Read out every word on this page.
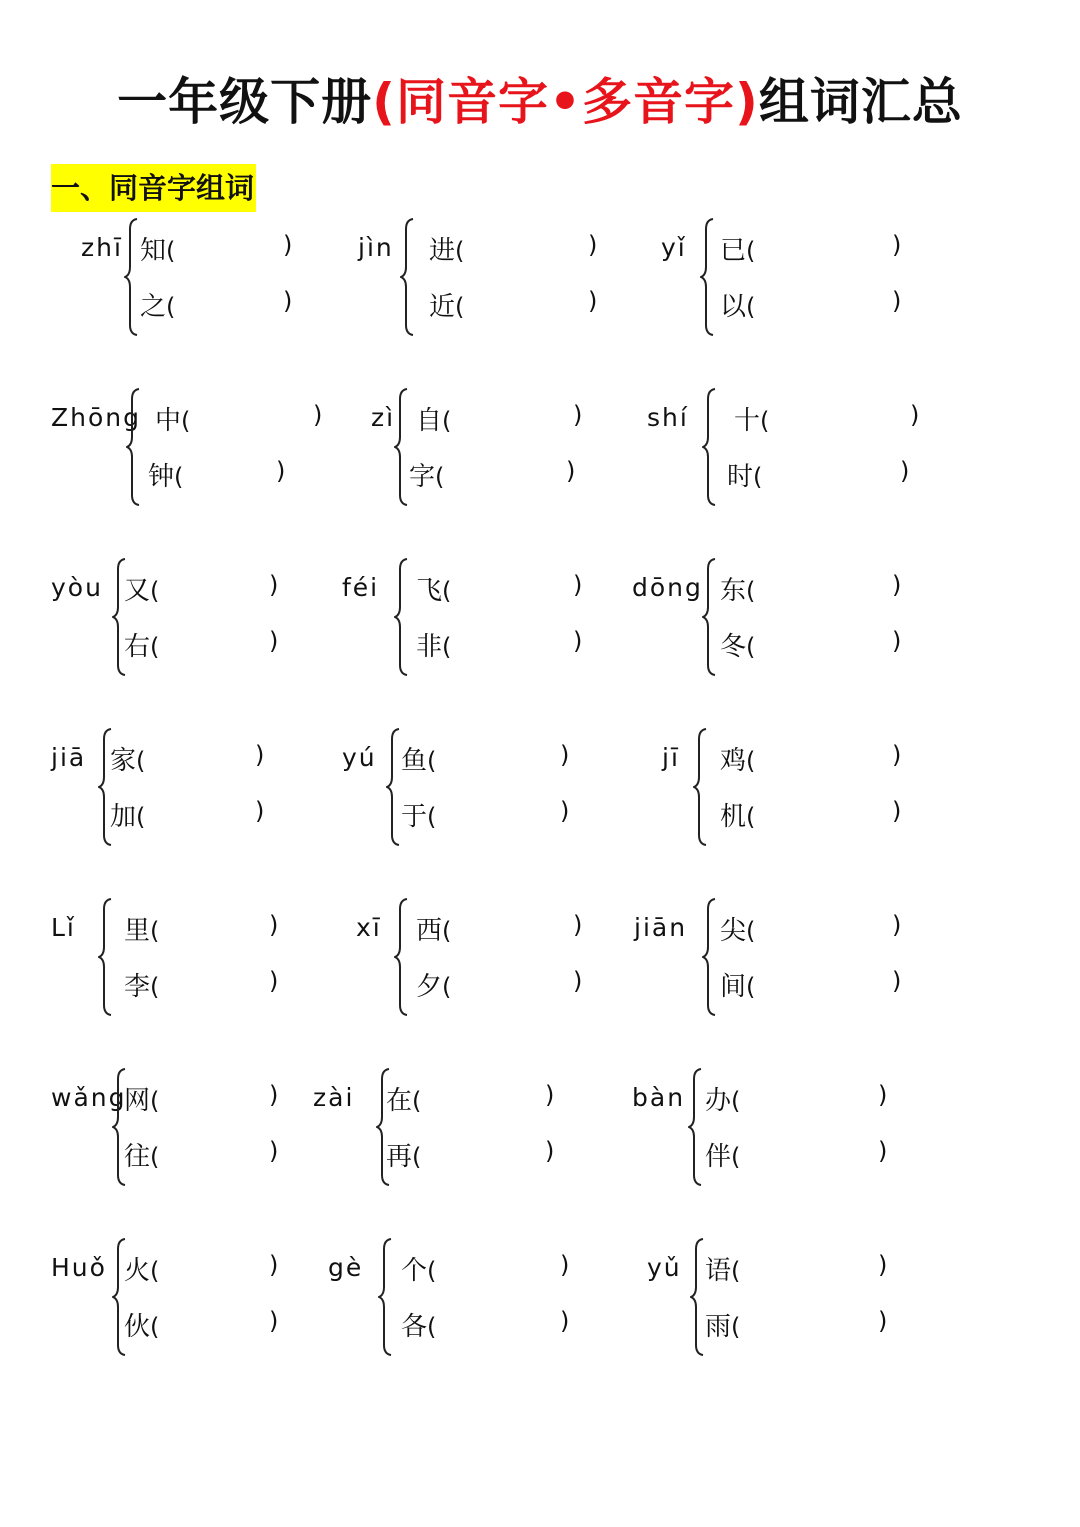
一年级下册(同音字•多音字)组词汇总
一、同音字组词
zhī 知(	)
之(	)
jìn 进(	)
近(	)
yǐ 已(	)
以(	)
Zhōng 中(	)
钟(	)
zì 自(	)
字(	)
shí 十(	)
时(	)
yòu 又(	)
右(	)
féi 飞(	)
非(	)
dōng 东(	)
冬(	)
jiā 家(	)
加(	)
yú 鱼(	)
于(	)
jī 鸡(	)
机(	)
Lǐ 里(	)
李(	)
xī 西(	)
夕(	)
jiān 尖(	)
间(	)
wǎng
网(	)
往(	)
zài 在(	)
再(	)
bàn 办(	)
伴(	)
Huǒ 火(	)
伙(	)
gè 个(	)
各(	)
yǔ 语(	)
雨(	)
